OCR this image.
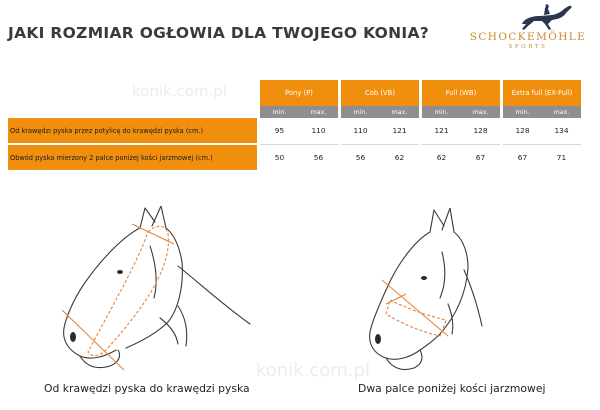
JAKI ROZMIAR OGŁOWIA DLA TWOJEGO KONIA?	SCHOCKEMÖHLE
SPORTS
konik.com.pl
konik.com.pl
		Pony (P)			Cob (VB)			Full (WB)			Extra full (EX-Full)	
		min.	max.		min.	max.		min.	max.		min.	max.
Od krawędzi pyska przez potylicę do krawędzi pyska (cm.)		95	110		110	121		121	128		128	134
Obwód pyska mierzony 2 palce poniżej kości jarzmowej (cm.)		50	56		56	62		62	67		67	71
Od krawędzi pyska do krawędzi pyska	Dwa palce poniżej kości jarzmowej
